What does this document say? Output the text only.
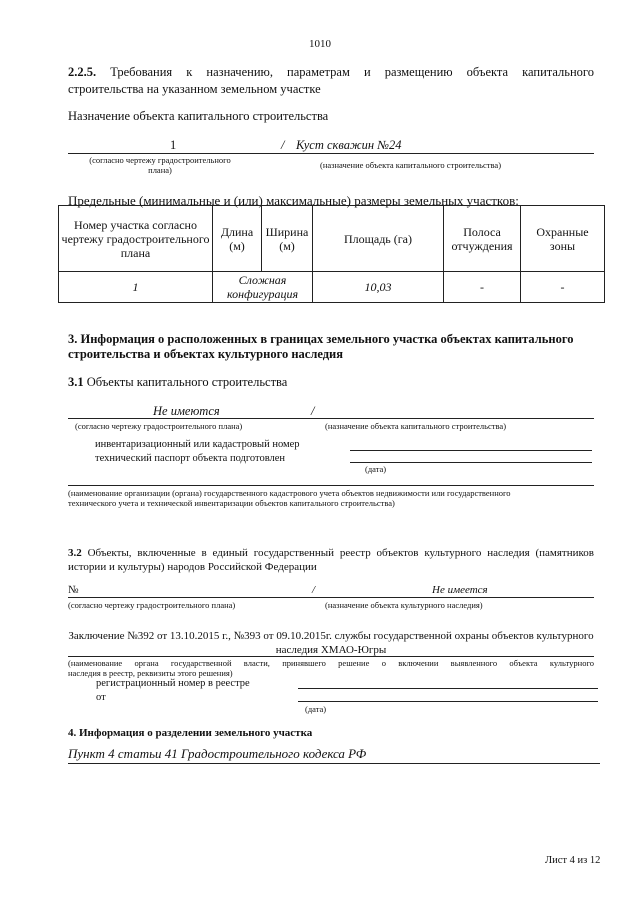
1010
2.2.5. Требования к назначению, параметрам и размещению объекта капитального
строительства на указанном земельном участке
Назначение объекта капитального строительства
1	/ Куст скважин №24
(согласно чертежу градостроительного плана)	(назначение объекта капитального строительства)
Предельные (минимальные и (или) максимальные) размеры земельных участков:
Номер участка согласно чертежу градостроительного плана	Длина (м)	Ширина (м)	Площадь (га)	Полоса отчуждения	Охранные зоны
1	Сложная конфигурация		10,03	-	-
3. Информация о расположенных в границах земельного участка объектах капитального
строительства и объектах культурного наследия
3.1 Объекты капитального строительства
Не имеются	/
(согласно чертежу градостроительного плана)	(назначение объекта капитального строительства)
инвентаризационный или кадастровый номер
технический паспорт объекта подготовлен
(дата)
(наименование организации (органа) государственного кадастрового учета объектов недвижимости или государственного
технического учета и технической инвентаризации объектов капитального строительства)
3.2 Объекты, включенные в единый государственный реестр объектов культурного наследия (памятников
истории и культуры) народов Российской Федерации
№	/	Не имеется
(согласно чертежу градостроительного плана)	(назначение объекта культурного наследия)
Заключение №392 от 13.10.2015 г., №393 от 09.10.2015г. службы государственной охраны объектов культурного
наследия ХМАО-Югры
(наименование органа государственной власти, принявшего решение о включении выявленного объекта культурного
наследия в реестр, реквизиты этого решения)
регистрационный номер в реестре
от
(дата)
4. Информация о разделении земельного участка
Пункт 4 статьи 41 Градостроительного кодекса РФ
Лист 4 из 12
